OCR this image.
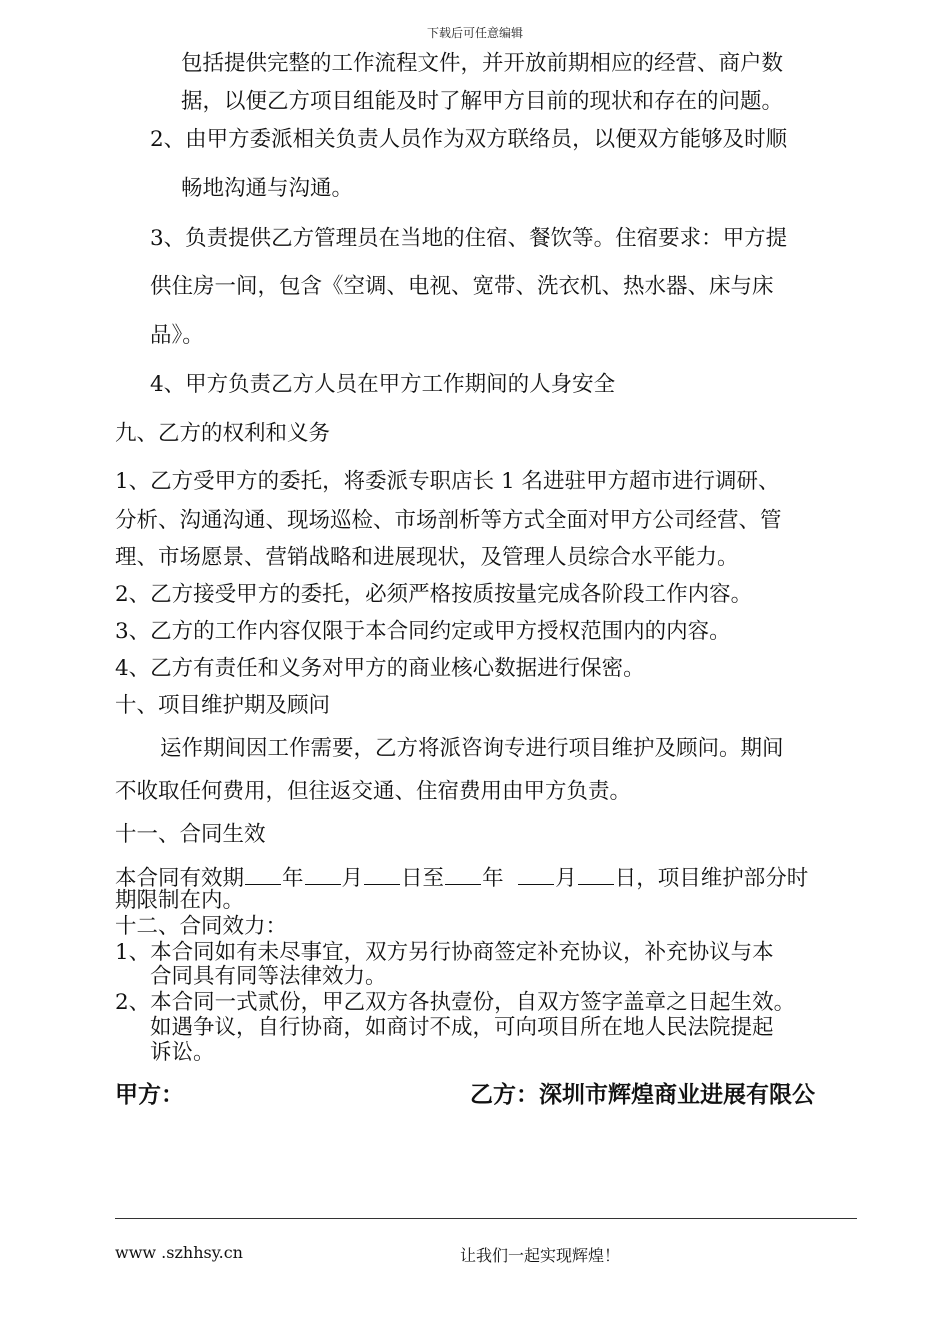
下载后可任意编辑
包括提供完整的工作流程文件，并开放前期相应的经营、商户数
据，以便乙方项目组能及时了解甲方目前的现状和存在的问题。
2、由甲方委派相关负责人员作为双方联络员，以便双方能够及时顺
畅地沟通与沟通。
3、负责提供乙方管理员在当地的住宿、餐饮等。住宿要求：甲方提
供住房一间，包含《空调、电视、宽带、洗衣机、热水器、床与床
品》。
4、甲方负责乙方人员在甲方工作期间的人身安全
九、乙方的权利和义务
1、乙方受甲方的委托，将委派专职店长 1 名进驻甲方超市进行调研、
分析、沟通沟通、现场巡检、市场剖析等方式全面对甲方公司经营、管
理、市场愿景、营销战略和进展现状，及管理人员综合水平能力。
2、乙方接受甲方的委托，必须严格按质按量完成各阶段工作内容。
3、乙方的工作内容仅限于本合同约定或甲方授权范围内的内容。
4、乙方有责任和义务对甲方的商业核心数据进行保密。
十、项目维护期及顾问
运作期间因工作需要，乙方将派咨询专进行项目维护及顾问。期间
不收取任何费用，但往返交通、住宿费用由甲方负责。
十一、合同生效
本合同有效期 年 月 日至 年 月 日，项目维护部分时
期限制在内。
十二、合同效力：
1、本合同如有未尽事宜，双方另行协商签定补充协议，补充协议与本
合同具有同等法律效力。
2、本合同一式贰份，甲乙双方各执壹份，自双方签字盖章之日起生效。
如遇争议，自行协商，如商讨不成，可向项目所在地人民法院提起
诉讼。
甲方：	乙方：深圳市辉煌商业进展有限公
www .szhhsy.cn	让我们一起实现辉煌！
